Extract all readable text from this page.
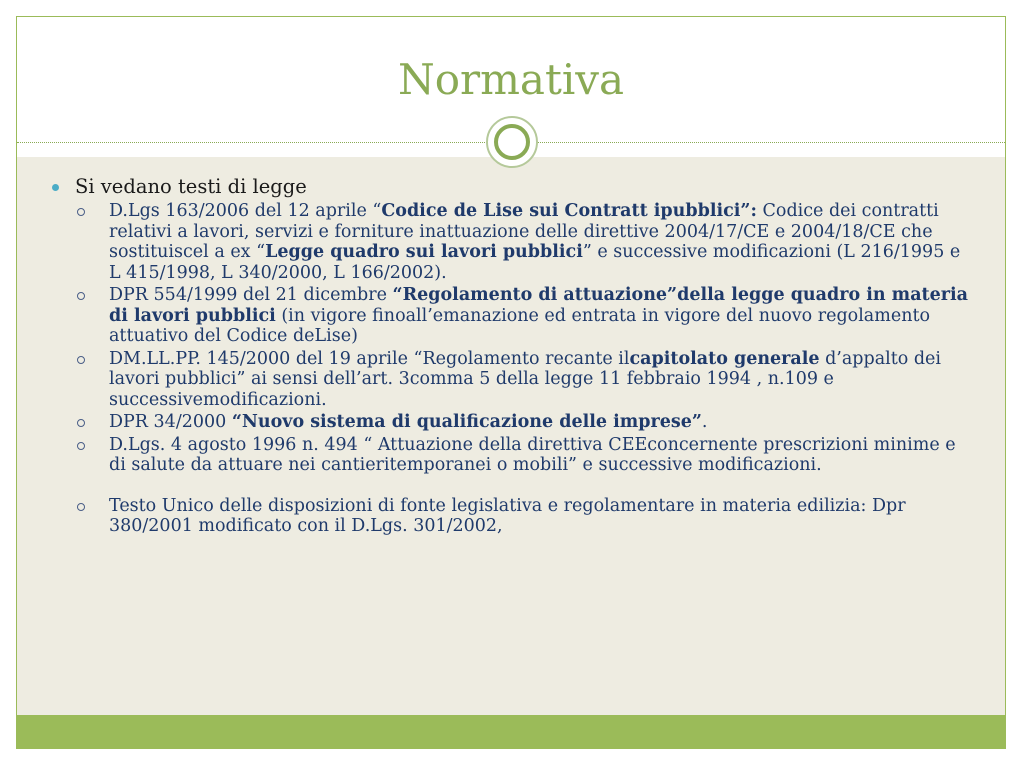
Normativa
Si vedano testi di legge
D.Lgs 163/2006 del 12 aprile “Codice de Lise sui Contratt ipubblici”: Codice dei contratti relativi a lavori, servizi e forniture inattuazione delle direttive 2004/17/CE e 2004/18/CE che sostituiscel a ex “Legge quadro sui lavori pubblici” e successive modificazioni (L 216/1995 e L 415/1998, L 340/2000, L 166/2002).
DPR 554/1999 del 21 dicembre “Regolamento di attuazione”della legge quadro in materia di lavori pubblici (in vigore finoall’emanazione ed entrata in vigore del nuovo regolamento attuativo del Codice deLise)
DM.LL.PP. 145/2000 del 19 aprile “Regolamento recante ilcapitolato generale d’appalto dei lavori pubblici” ai sensi dell’art. 3comma 5 della legge 11 febbraio 1994 , n.109 e successivemodificazioni.
DPR 34/2000 “Nuovo sistema di qualificazione delle imprese”.
D.Lgs. 4 agosto 1996 n. 494 “ Attuazione della direttiva CEEconcernente prescrizioni minime e di salute da attuare nei cantieritemporanei o mobili” e successive modificazioni.
Testo Unico delle disposizioni di fonte legislativa e regolamentare in materia edilizia: Dpr 380/2001 modificato con il D.Lgs. 301/2002,
